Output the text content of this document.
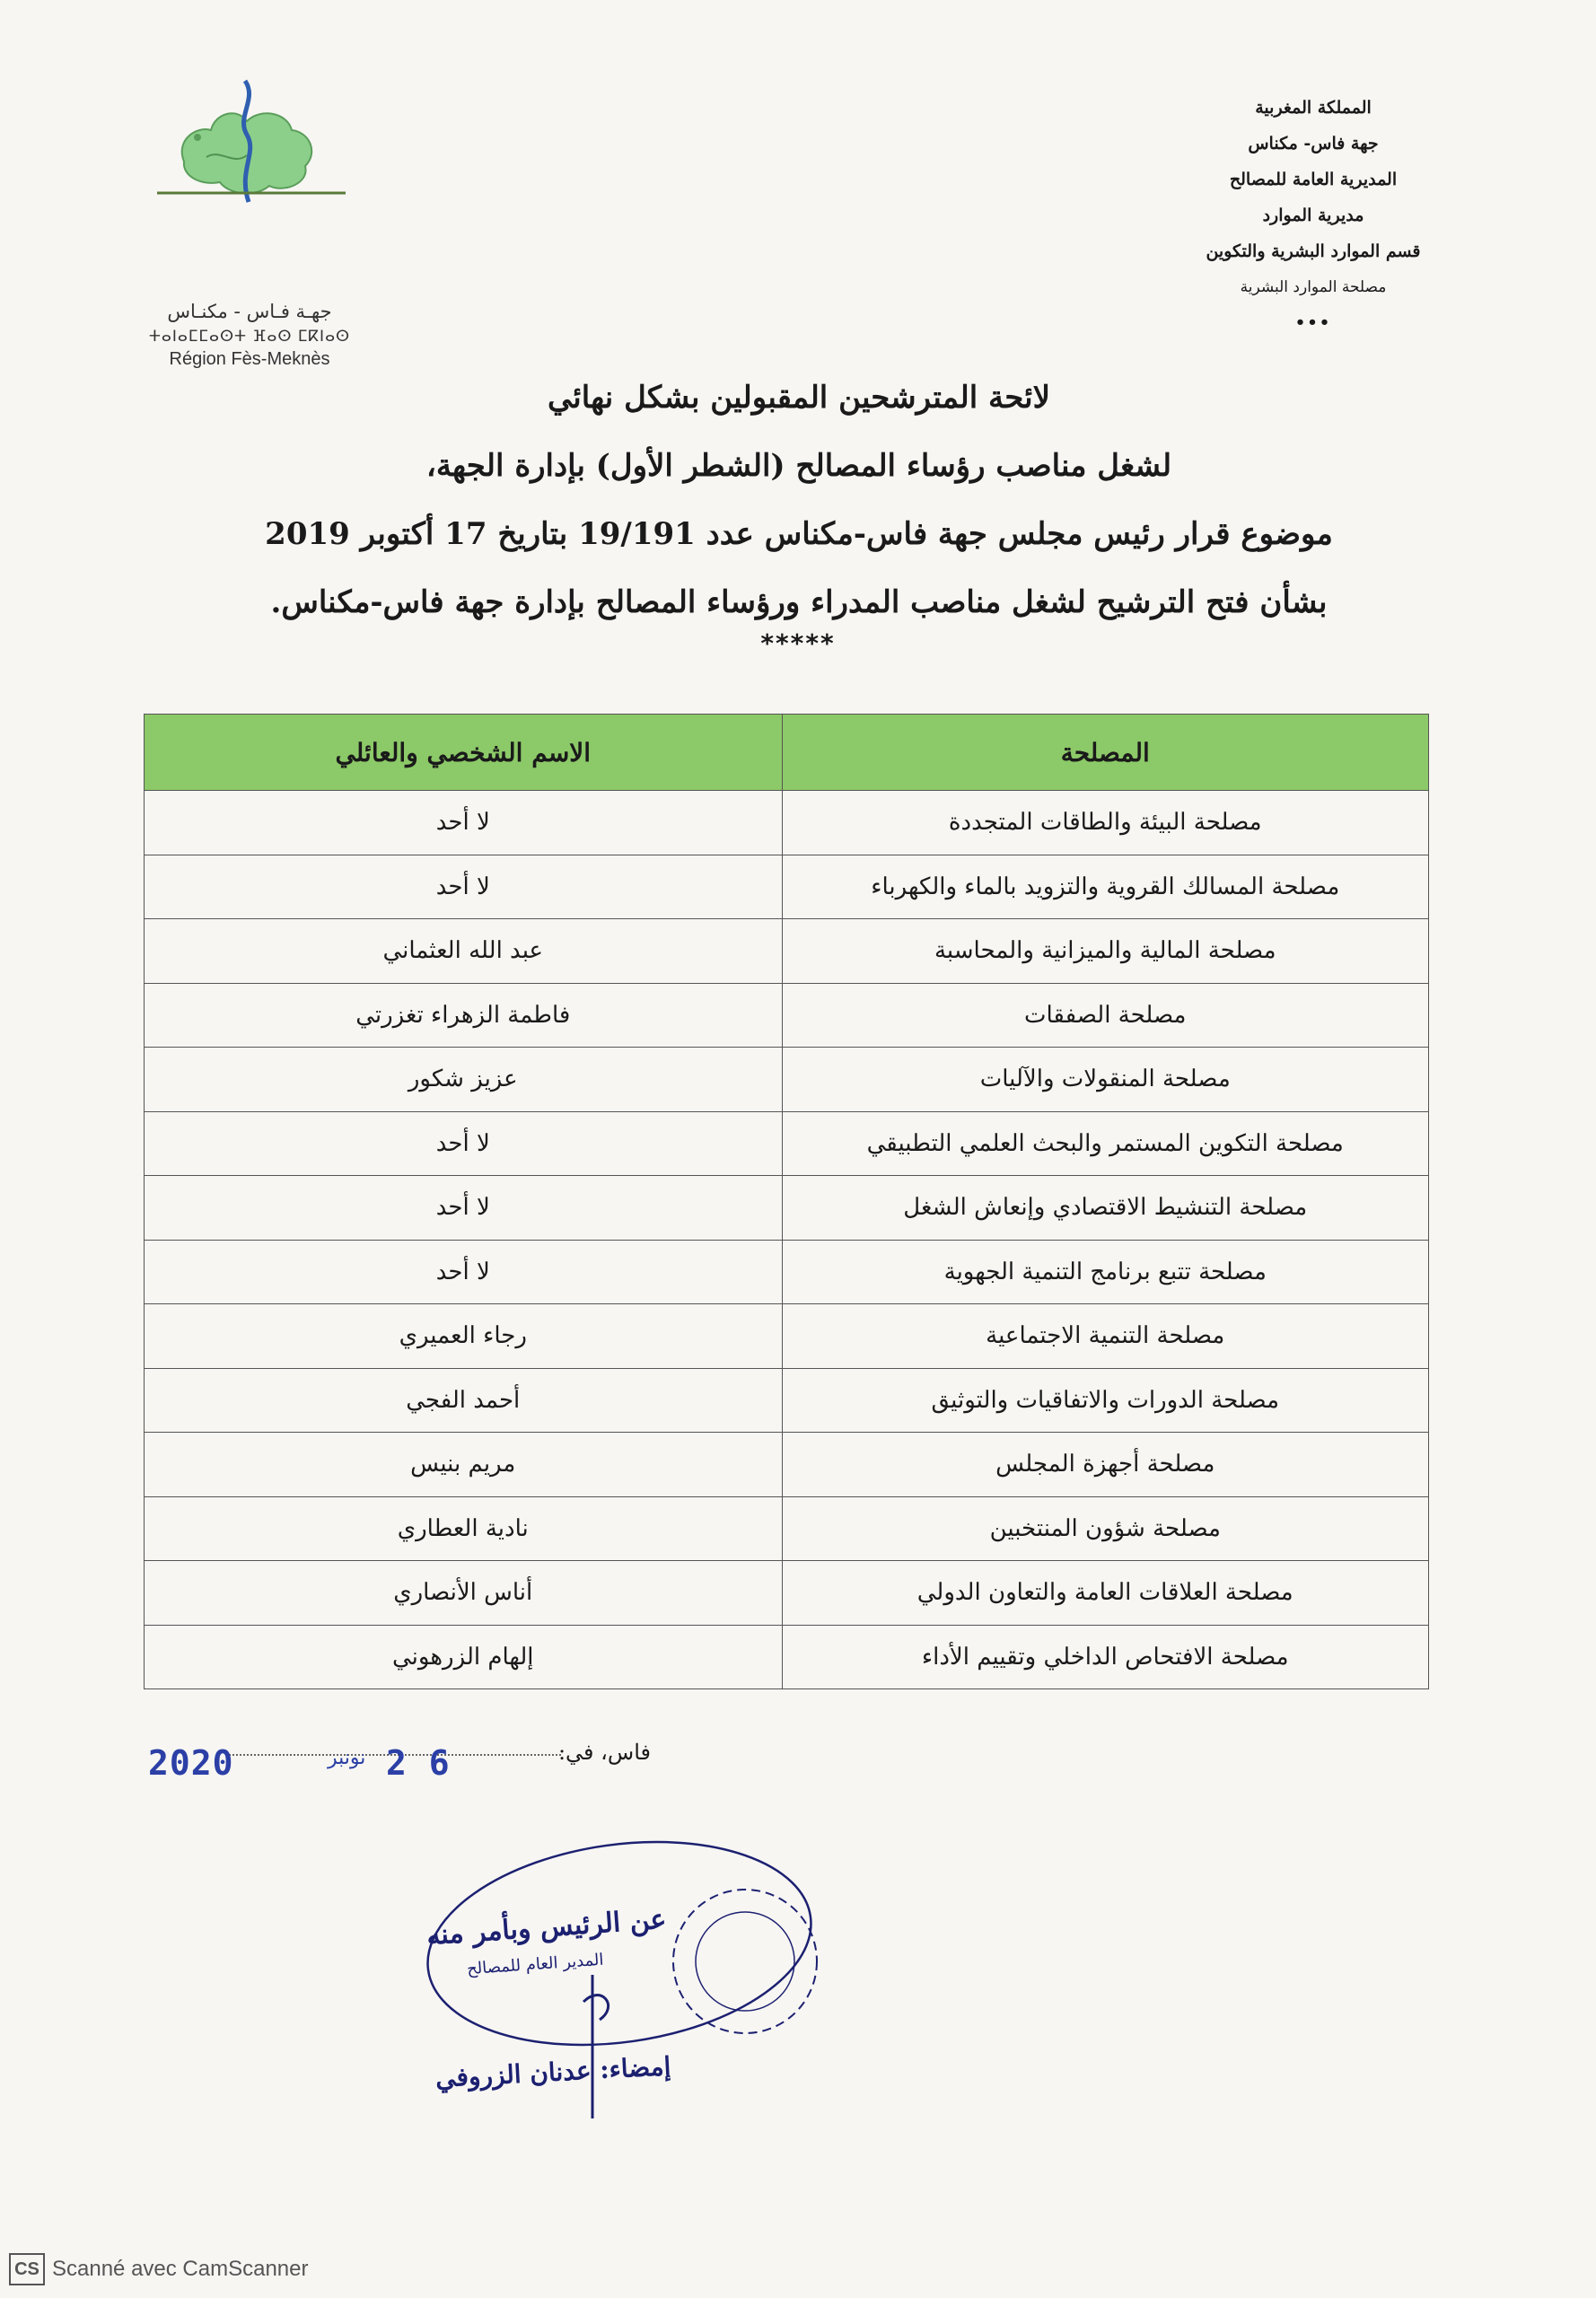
جهـة فـاس - مكنـاس
ⵜⴰⵏⴰⵎⵎⴰⵙⵜ ⴼⴰⵙ ⵎⴽⵏⴰⵙ
Région Fès-Meknès
المملكة المغربية
جهة فاس- مكناس
المديرية العامة للمصالح
مديرية الموارد
قسم الموارد البشرية والتكوين
مصلحة الموارد البشرية
•••
لائحة المترشحين المقبولين بشكل نهائي
لشغل مناصب رؤساء المصالح (الشطر الأول) بإدارة الجهة،
موضوع قرار رئيس مجلس جهة فاس-مكناس عدد 19/191 بتاريخ 17 أكتوبر 2019
بشأن فتح الترشيح لشغل مناصب المدراء ورؤساء المصالح بإدارة جهة فاس-مكناس.
*****
المصلحة	الاسم الشخصي والعائلي
مصلحة البيئة والطاقات المتجددة	لا أحد
مصلحة المسالك القروية والتزويد بالماء والكهرباء	لا أحد
مصلحة المالية والميزانية والمحاسبة	عبد الله العثماني
مصلحة الصفقات	فاطمة الزهراء تغزرتي
مصلحة المنقولات والآليات	عزيز شكور
مصلحة التكوين المستمر والبحث العلمي التطبيقي	لا أحد
مصلحة التنشيط الاقتصادي وإنعاش الشغل	لا أحد
مصلحة تتبع برنامج التنمية الجهوية	لا أحد
مصلحة التنمية الاجتماعية	رجاء العميري
مصلحة الدورات والاتفاقيات والتوثيق	أحمد الفجي
مصلحة أجهزة المجلس	مريم بنيس
مصلحة شؤون المنتخبين	نادية العطاري
مصلحة العلاقات العامة والتعاون الدولي	أناس الأنصاري
مصلحة الافتحاص الداخلي وتقييم الأداء	إلهام الزرهوني
فاس، في:
2020	نونبر 2 6
عن الرئيس وبأمر منه
المدير العام للمصالح
إمضاء: عدنان الزروفي
CS Scanné avec CamScanner
